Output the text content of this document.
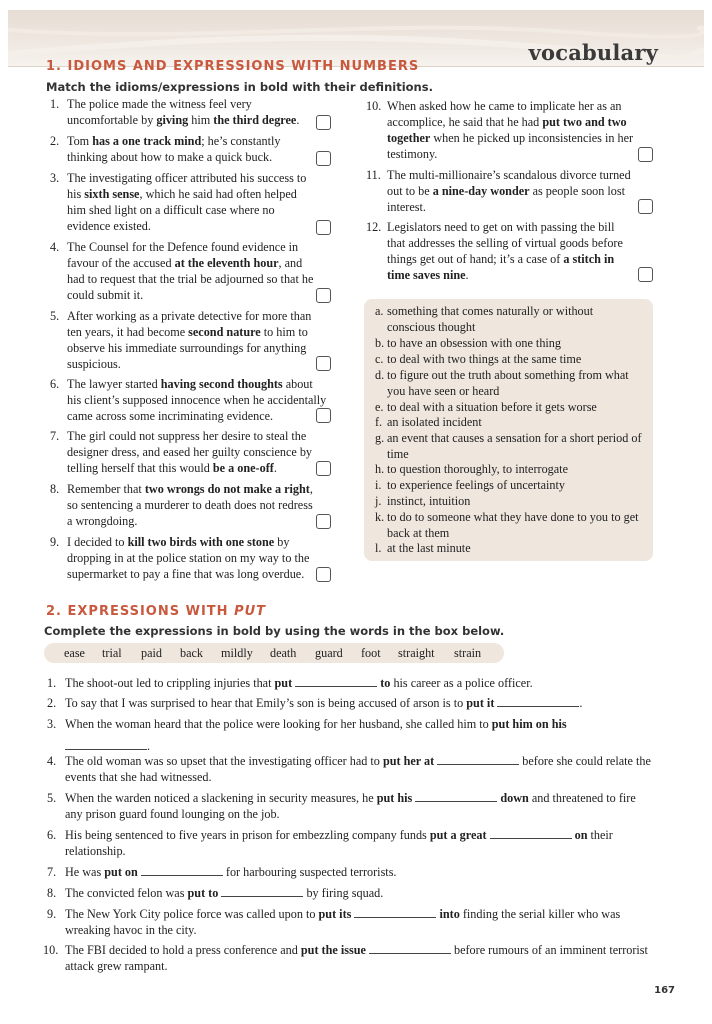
vocabulary
1. IDIOMS AND EXPRESSIONS WITH NUMBERS
Match the idioms/expressions in bold with their definitions.
1. The police made the witness feel very
uncomfortable by giving him the third degree.
2. Tom has a one track mind; he’s constantly
thinking about how to make a quick buck.
3. The investigating officer attributed his success to
his sixth sense, which he said had often helped
him shed light on a difficult case where no
evidence existed.
4. The Counsel for the Defence found evidence in
favour of the accused at the eleventh hour, and
had to request that the trial be adjourned so that he
could submit it.
5. After working as a private detective for more than
ten years, it had become second nature to him to
observe his immediate surroundings for anything
suspicious.
6. The lawyer started having second thoughts about
his client’s supposed innocence when he accidentally
came across some incriminating evidence.
7. The girl could not suppress her desire to steal the
designer dress, and eased her guilty conscience by
telling herself that this would be a one-off.
8. Remember that two wrongs do not make a right,
so sentencing a murderer to death does not redress
a wrongdoing.
9. I decided to kill two birds with one stone by
dropping in at the police station on my way to the
supermarket to pay a fine that was long overdue.
10. When asked how he came to implicate her as an
accomplice, he said that he had put two and two
together when he picked up inconsistencies in her
testimony.
11. The multi-millionaire’s scandalous divorce turned
out to be a nine-day wonder as people soon lost
interest.
12. Legislators need to get on with passing the bill
that addresses the selling of virtual goods before
things get out of hand; it’s a case of a stitch in
time saves nine.
a. something that comes naturally or without
conscious thought
b. to have an obsession with one thing
c. to deal with two things at the same time
d. to figure out the truth about something from what
you have seen or heard
e. to deal with a situation before it gets worse
f. an isolated incident
g. an event that causes a sensation for a short period of
time
h. to question thoroughly, to interrogate
i. to experience feelings of uncertainty
j. instinct, intuition
k. to do to someone what they have done to you to get
back at them
l. at the last minute
2. EXPRESSIONS WITH PUT
Complete the expressions in bold by using the words in the box below.
ease trial paid back mildly death guard foot straight strain
1. The shoot-out led to crippling injuries that put	to his career as a police officer.
2. To say that I was surprised to hear that Emily’s son is being accused of arson is to put it	.
3. When the woman heard that the police were looking for her husband, she called him to put him on his
.
4. The old woman was so upset that the investigating officer had to put her at	before she could relate the
events that she had witnessed.
5. When the warden noticed a slackening in security measures, he put his	down and threatened to fire
any prison guard found lounging on the job.
6. His being sentenced to five years in prison for embezzling company funds put a great	on their
relationship.
7. He was put on	for harbouring suspected terrorists.
8. The convicted felon was put to	by firing squad.
9. The New York City police force was called upon to put its	into finding the serial killer who was
wreaking havoc in the city.
10. The FBI decided to hold a press conference and put the issue	before rumours of an imminent terrorist
attack grew rampant.
167
